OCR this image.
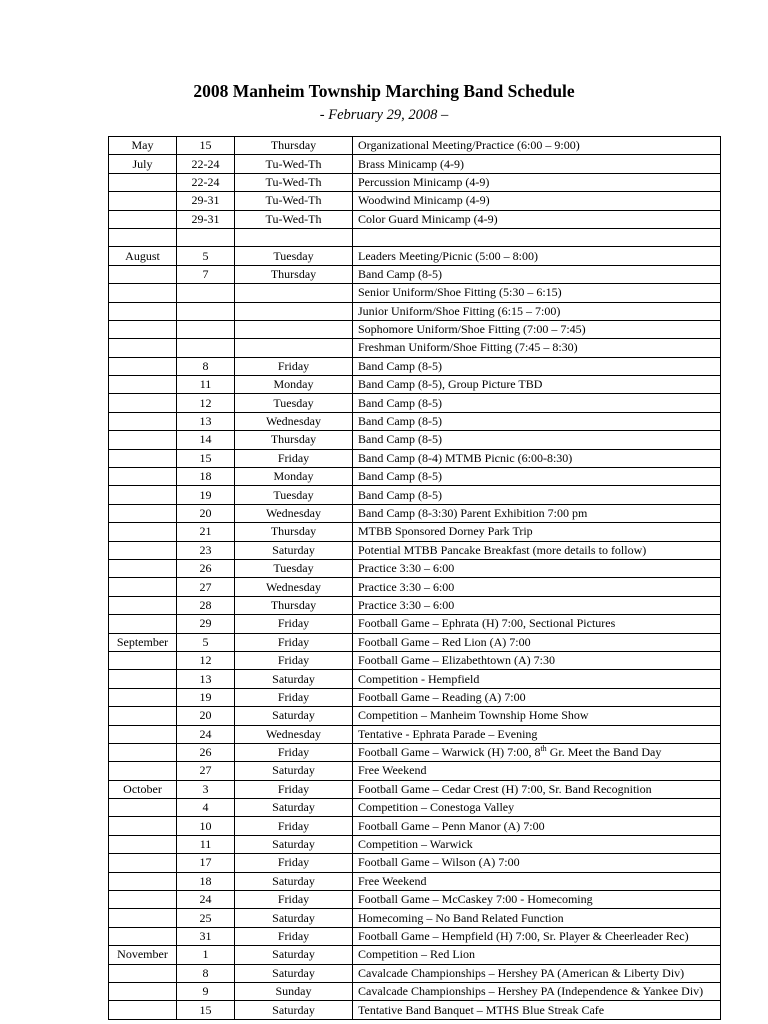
2008 Manheim Township Marching Band Schedule
- February 29, 2008 –
May	15	Thursday	Organizational Meeting/Practice (6:00 – 9:00)
July	22-24	Tu-Wed-Th	Brass Minicamp (4-9)
	22-24	Tu-Wed-Th	Percussion Minicamp (4-9)
	29-31	Tu-Wed-Th	Woodwind Minicamp (4-9)
	29-31	Tu-Wed-Th	Color Guard Minicamp (4-9)

August	5	Tuesday	Leaders Meeting/Picnic (5:00 – 8:00)
	7	Thursday	Band Camp (8-5)
			Senior Uniform/Shoe Fitting (5:30 – 6:15)
			Junior Uniform/Shoe Fitting (6:15 – 7:00)
			Sophomore Uniform/Shoe Fitting (7:00 – 7:45)
			Freshman Uniform/Shoe Fitting (7:45 – 8:30)
	8	Friday	Band Camp (8-5)
	11	Monday	Band Camp (8-5), Group Picture TBD
	12	Tuesday	Band Camp (8-5)
	13	Wednesday	Band Camp (8-5)
	14	Thursday	Band Camp (8-5)
	15	Friday	Band Camp (8-4) MTMB Picnic (6:00-8:30)
	18	Monday	Band Camp (8-5)
	19	Tuesday	Band Camp (8-5)
	20	Wednesday	Band Camp (8-3:30) Parent Exhibition 7:00 pm
	21	Thursday	MTBB Sponsored Dorney Park Trip
	23	Saturday	Potential MTBB Pancake Breakfast (more details to follow)
	26	Tuesday	Practice 3:30 – 6:00
	27	Wednesday	Practice 3:30 – 6:00
	28	Thursday	Practice 3:30 – 6:00
	29	Friday	Football Game – Ephrata (H) 7:00, Sectional Pictures
September	5	Friday	Football Game – Red Lion (A) 7:00
	12	Friday	Football Game – Elizabethtown (A) 7:30
	13	Saturday	Competition - Hempfield
	19	Friday	Football Game – Reading (A) 7:00
	20	Saturday	Competition – Manheim Township Home Show
	24	Wednesday	Tentative - Ephrata Parade – Evening
	26	Friday	Football Game – Warwick (H) 7:00, 8th Gr. Meet the Band Day
	27	Saturday	Free Weekend
October	3	Friday	Football Game – Cedar Crest (H) 7:00, Sr. Band Recognition
	4	Saturday	Competition – Conestoga Valley
	10	Friday	Football Game – Penn Manor (A) 7:00
	11	Saturday	Competition – Warwick
	17	Friday	Football Game – Wilson (A) 7:00
	18	Saturday	Free Weekend
	24	Friday	Football Game – McCaskey 7:00 - Homecoming
	25	Saturday	Homecoming – No Band Related Function
	31	Friday	Football Game – Hempfield (H) 7:00, Sr. Player & Cheerleader Rec)
November	1	Saturday	Competition – Red Lion
	8	Saturday	Cavalcade Championships – Hershey PA (American & Liberty Div)
	9	Sunday	Cavalcade Championships – Hershey PA (Independence & Yankee Div)
	15	Saturday	Tentative Band Banquet – MTHS Blue Streak Cafe
